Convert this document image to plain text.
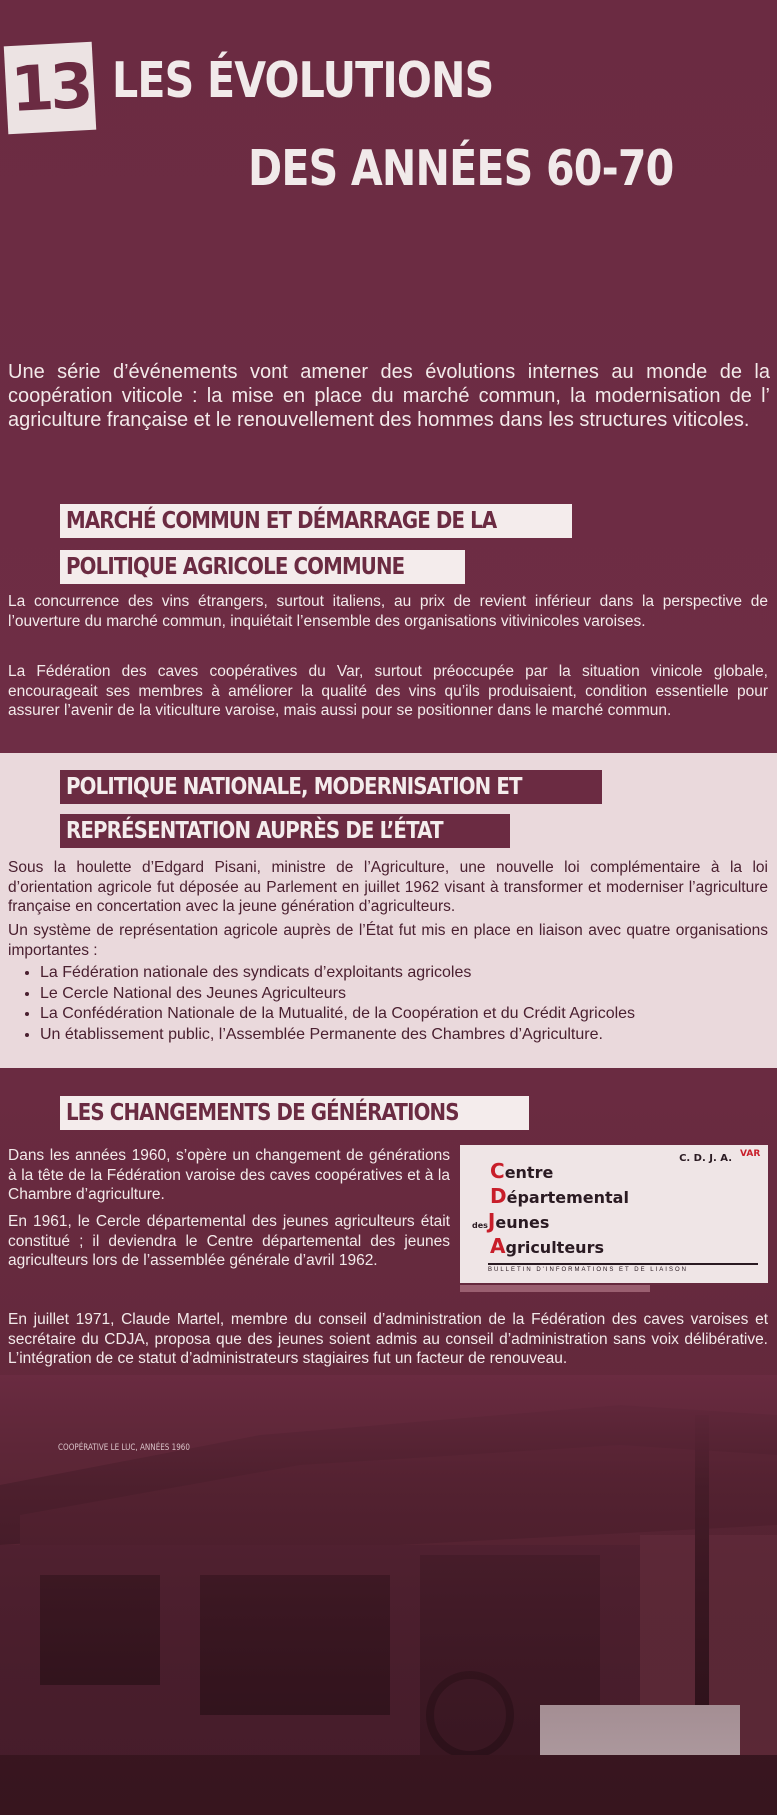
13 LES ÉVOLUTIONS
DES ANNÉES 60-70
Une série d’événements vont amener des évolutions internes au monde de la coopération viticole : la mise en place du marché commun, la modernisation de l’ agriculture française et le renouvellement des hommes dans les structures viticoles.
MARCHÉ COMMUN ET DÉMARRAGE DE LA
POLITIQUE AGRICOLE COMMUNE
La concurrence des vins étrangers, surtout italiens, au prix de revient inférieur dans la perspective de l’ouverture du marché commun, inquiétait l’ensemble des organisations vitivinicoles varoises.
La Fédération des caves coopératives du Var, surtout préoccupée par la situation vinicole globale, encourageait ses membres à améliorer la qualité des vins qu’ils produisaient, condition essentielle pour assurer l’avenir de la viticulture varoise, mais aussi pour se positionner dans le marché commun.
POLITIQUE NATIONALE, MODERNISATION ET
REPRÉSENTATION AUPRÈS DE L’ÉTAT
Sous la houlette d’Edgard Pisani, ministre de l’Agriculture, une nouvelle loi complémentaire à la loi d’orientation agricole fut déposée au Parlement en juillet 1962 visant à transformer et moderniser l’agriculture française en concertation avec la jeune génération d’agriculteurs.
Un système de représentation agricole auprès de l’État fut mis en place en liaison avec quatre organisations importantes :
• La Fédération nationale des syndicats d’exploitants agricoles
• Le Cercle National des Jeunes Agriculteurs
• La Confédération Nationale de la Mutualité, de la Coopération et du Crédit Agricoles
• Un établissement public, l’Assemblée Permanente des Chambres d’Agriculture.
LES CHANGEMENTS DE GÉNÉRATIONS
Dans les années 1960, s’opère un changement de générations à la tête de la Fédération varoise des caves coopératives et à la Chambre d’agriculture.
En 1961, le Cercle départemental des jeunes agriculteurs était constitué ; il deviendra le Centre départemental des jeunes agriculteurs lors de l’assemblée générale d’avril 1962.
En juillet 1971, Claude Martel, membre du conseil d’administration de la Fédération des caves varoises et secrétaire du CDJA, proposa que des jeunes soient admis au conseil d’administration sans voix délibérative. L’intégration de ce statut d’administrateurs stagiaires fut un facteur de renouveau.
C. D. J. A. VAR
Centre
Départemental
desJeunes
Agriculteurs
BULLETIN D'INFORMATIONS ET DE LIAISON
COOPÉRATIVE LE LUC, ANNÉES 1960
